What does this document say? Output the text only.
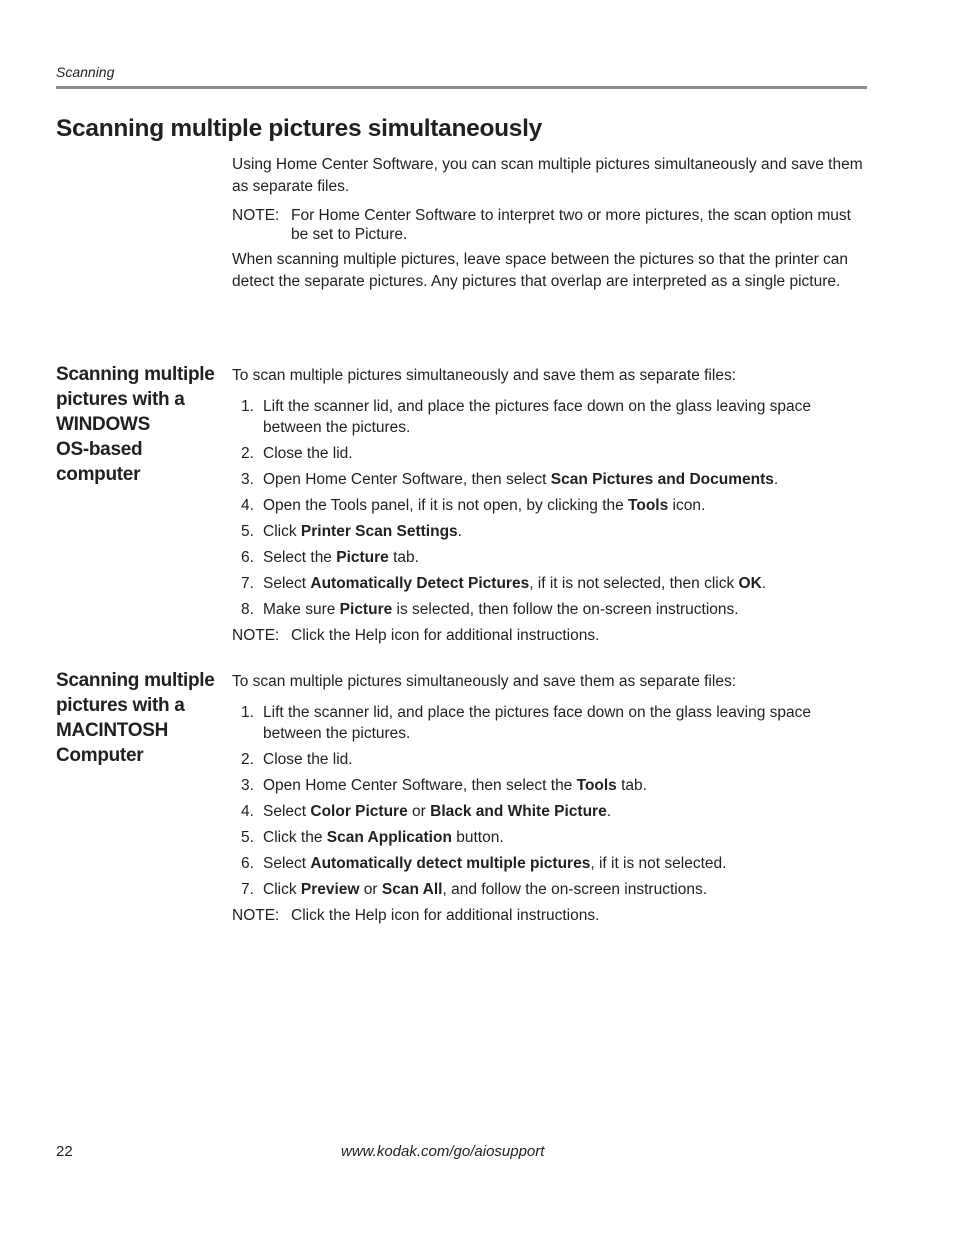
Scanning
Scanning multiple pictures simultaneously

Using Home Center Software, you can scan multiple pictures simultaneously and save them as separate files.

NOTE: For Home Center Software to interpret two or more pictures, the scan option must be set to Picture.

When scanning multiple pictures, leave space between the pictures so that the printer can detect the separate pictures. Any pictures that overlap are interpreted as a single picture.

Scanning multiple
pictures with a
WINDOWS
OS-based
computer

To scan multiple pictures simultaneously and save them as separate files:

1. Lift the scanner lid, and place the pictures face down on the glass leaving space between the pictures.
2. Close the lid.
3. Open Home Center Software, then select Scan Pictures and Documents.
4. Open the Tools panel, if it is not open, by clicking the Tools icon.
5. Click Printer Scan Settings.
6. Select the Picture tab.
7. Select Automatically Detect Pictures, if it is not selected, then click OK.
8. Make sure Picture is selected, then follow the on-screen instructions.
NOTE: Click the Help icon for additional instructions.
Scanning multiple
pictures with a
MACINTOSH
Computer

To scan multiple pictures simultaneously and save them as separate files:

1. Lift the scanner lid, and place the pictures face down on the glass leaving space between the pictures.
2. Close the lid.
3. Open Home Center Software, then select the Tools tab.
4. Select Color Picture or Black and White Picture.
5. Click the Scan Application button.
6. Select Automatically detect multiple pictures, if it is not selected.
7. Click Preview or Scan All, and follow the on-screen instructions.
NOTE: Click the Help icon for additional instructions.
22	www.kodak.com/go/aiosupport
